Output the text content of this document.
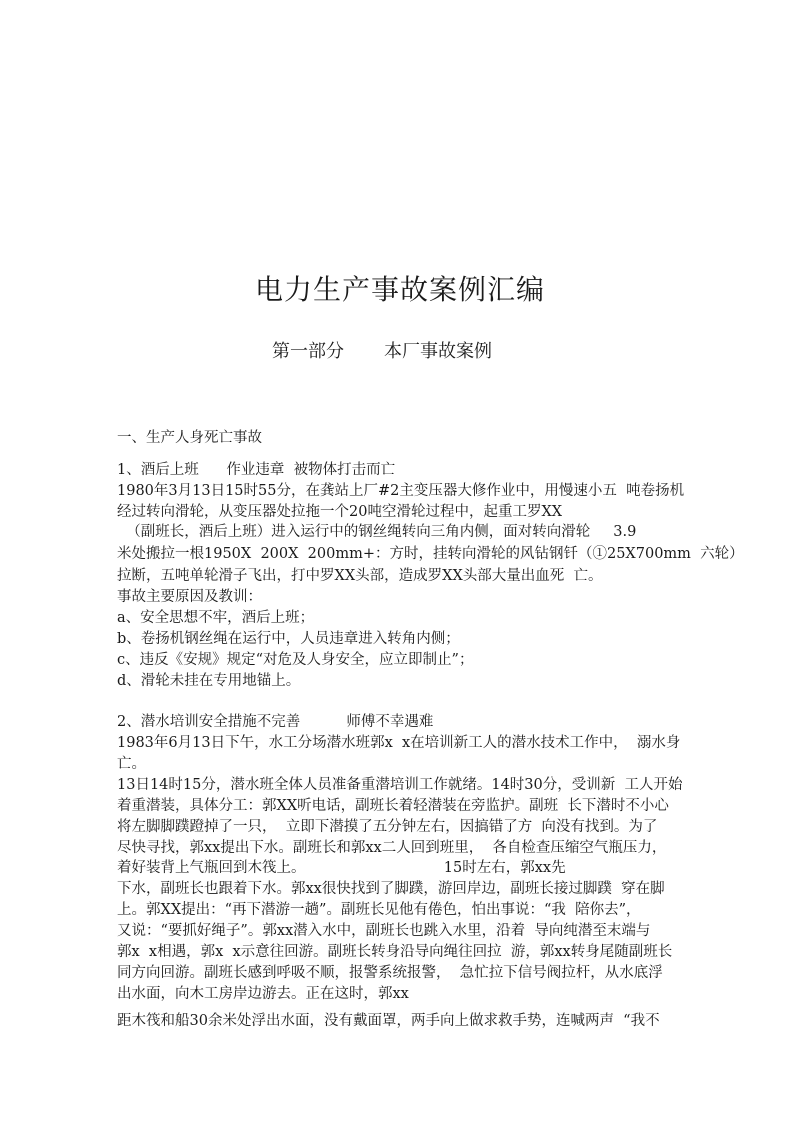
电力生产事故案例汇编
第一部分       本厂事故案例
一、生产人身死亡事故
1、酒后上班      作业违章  被物体打击而亡
1980年3月13日15时55分，在龚站上厂#2主变压器大修作业中，用慢速小五  吨卷扬机
经过转向滑轮，从变压器处拉拖一个20吨空滑轮过程中，起重工罗XX
（副班长，酒后上班）进入运行中的钢丝绳转向三角内侧，面对转向滑轮     3.9
米处搬拉一根1950X  200X  200mm+：方时，挂转向滑轮的风钻钢钎（①25X700mm  六轮）
拉断，五吨单轮滑子飞出，打中罗XX头部，造成罗XX头部大量出血死  亡。
事故主要原因及教训：
a、安全思想不牢，酒后上班；
b、卷扬机钢丝绳在运行中，人员违章进入转角内侧；
c、违反《安规》规定“对危及人身安全，应立即制止”；
d、滑轮未挂在专用地锚上。
2、潜水培训安全措施不完善          师傅不幸遇难
1983年6月13日下午，水工分场潜水班郭x  x在培训新工人的潜水技术工作中，  溺水身
亡。
13日14时15分，潜水班全体人员准备重潜培训工作就绪。14时30分，受训新  工人开始
着重潜装，具体分工：郭XX听电话，副班长着轻潜装在旁监护。副班  长下潜时不小心
将左脚脚蹼蹬掉了一只，  立即下潜摸了五分钟左右，因搞错了方  向没有找到。为了
尽快寻找，郭xx提出下水。副班长和郭xx二人回到班里，  各自检查压缩空气瓶压力，
着好装背上气瓶回到木筏上。                              15时左右，郭xx先
下水，副班长也跟着下水。郭xx很快找到了脚蹼，游回岸边，副班长接过脚蹼  穿在脚
上。郭XX提出：“再下潜游一趟”。副班长见他有倦色，怕出事说：“我  陪你去”，
又说：“要抓好绳子”。郭xx潜入水中，副班长也跳入水里，沿着  导向纯潜至末端与
郭x  x相遇，郭x  x示意往回游。副班长转身沿导向绳往回拉  游，郭xx转身尾随副班长
同方向回游。副班长感到呼吸不顺，报警系统报警，  急忙拉下信号阀拉杆，从水底浮
出水面，向木工房岸边游去。正在这时，郭xx
距木筏和船30余米处浮出水面，没有戴面罩，两手向上做求救手势，连喊两声  “我不
